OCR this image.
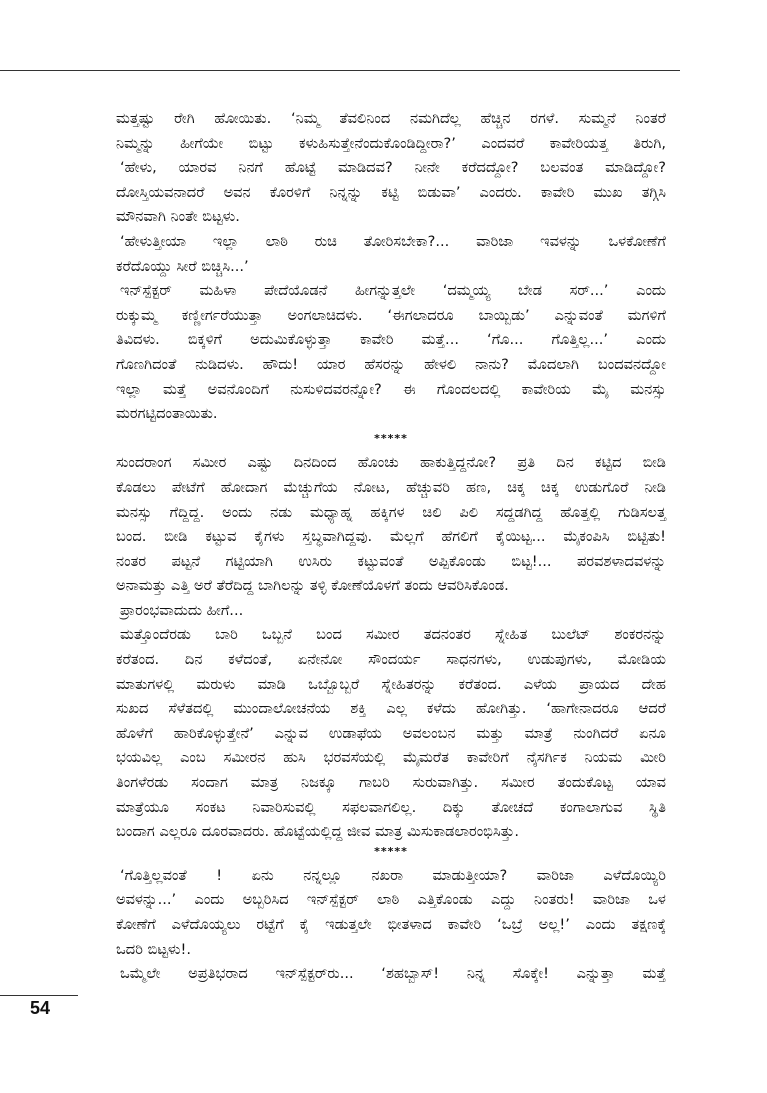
ಮತ್ತಷ್ಟು ರೇಗಿ ಹೋಯಿತು. ‘ನಿಮ್ಮ ತೆವಲಿನಿಂದ ನಮಗಿದೆಲ್ಲ ಹೆಚ್ಚಿನ ರಗಳೆ. ಸುಮ್ಮನೆ ನಿಂತರೆ
ನಿಮ್ಮನ್ನು ಹೀಗೆಯೇ ಬಿಟ್ಟು ಕಳುಹಿಸುತ್ತೇನೆಂದುಕೊಂಡಿದ್ದೀರಾ?’ ಎಂದವರೆ ಕಾವೇರಿಯತ್ತ ತಿರುಗಿ,
‘ಹೇಳು, ಯಾರವ ನಿನಗೆ ಹೊಟ್ಟೆ ಮಾಡಿದವ? ನೀನೇ ಕರೆದದ್ದೋ? ಬಲವಂತ ಮಾಡಿದ್ದೋ?
ದೋಸ್ತಿಯವನಾದರೆ ಅವನ ಕೊರಳಿಗೆ ನಿನ್ನನ್ನು ಕಟ್ಟಿ ಬಿಡುವಾ’ ಎಂದರು. ಕಾವೇರಿ ಮುಖ ತಗ್ಗಿಸಿ
ಮೌನವಾಗಿ ನಿಂತೇ ಬಿಟ್ಟಳು.
‘ಹೇಳುತ್ತೀಯಾ ಇಲ್ಲಾ ಲಾಠಿ ರುಚಿ ತೋರಿಸಬೇಕಾ?... ವಾರಿಜಾ ಇವಳನ್ನು ಒಳಕೋಣೆಗೆ
ಕರೆದೊಯ್ದು ಸೀರೆ ಬಿಚ್ಚಿಸಿ...’
ಇನ್‌ಸ್ಪೆಕ್ಟರ್ ಮಹಿಳಾ ಪೇದೆಯೊಡನೆ ಹೀಗನ್ನುತ್ತಲೇ ‘ದಮ್ಮಯ್ಯ ಬೇಡ ಸರ್...’ ಎಂದು
ರುಕ್ಕುಮ್ಮ ಕಣ್ಣೀರ್ಗರೆಯುತ್ತಾ ಅಂಗಲಾಚಿದಳು. ‘ಈಗಲಾದರೂ ಬಾಯ್ಬಿಡು’ ಎನ್ನುವಂತೆ ಮಗಳಿಗೆ
ತಿವಿದಳು. ಬಿಕ್ಕಳಿಗೆ ಅದುಮಿಕೊಳ್ಳುತ್ತಾ ಕಾವೇರಿ ಮತ್ತೆ... ‘ಗೊ... ಗೊತ್ತಿಲ್ಲ...’ ಎಂದು
ಗೊಣಗಿದಂತೆ ನುಡಿದಳು. ಹೌದು! ಯಾರ ಹೆಸರನ್ನು ಹೇಳಲಿ ನಾನು? ಮೊದಲಾಗಿ ಬಂದವನದ್ದೋ
ಇಲ್ಲಾ ಮತ್ತೆ ಅವನೊಂದಿಗೆ ನುಸುಳಿದವರನ್ನೋ? ಈ ಗೊಂದಲದಲ್ಲಿ ಕಾವೇರಿಯ ಮೈ ಮನಸ್ಸು
ಮರಗಟ್ಟಿದಂತಾಯಿತು.
*****
ಸುಂದರಾಂಗ ಸಮೀರ ಎಷ್ಟು ದಿನದಿಂದ ಹೊಂಚು ಹಾಕುತ್ತಿದ್ದನೋ? ಪ್ರತಿ ದಿನ ಕಟ್ಟಿದ ಬೀಡಿ
ಕೊಡಲು ಪೇಟೆಗೆ ಹೋದಾಗ ಮೆಚ್ಚುಗೆಯ ನೋಟ, ಹೆಚ್ಚುವರಿ ಹಣ, ಚಿಕ್ಕ ಚಿಕ್ಕ ಉಡುಗೊರೆ ನೀಡಿ
ಮನಸ್ಸು ಗೆದ್ದಿದ್ದ. ಅಂದು ನಡು ಮಧ್ಯಾಹ್ನ ಹಕ್ಕಿಗಳ ಚಿಲಿ ಪಿಲಿ ಸದ್ದಡಗಿದ್ದ ಹೊತ್ತಲ್ಲಿ ಗುಡಿಸಲತ್ತ
ಬಂದ. ಬೀಡಿ ಕಟ್ಟುವ ಕೈಗಳು ಸ್ತಬ್ಧವಾಗಿದ್ದವು. ಮೆಲ್ಲಗೆ ಹೆಗಲಿಗೆ ಕೈಯಿಟ್ಟ... ಮೈಕಂಪಿಸಿ ಬಿಟ್ಟಿತು!
ನಂತರ ಪಟ್ಟನೆ ಗಟ್ಟಿಯಾಗಿ ಉಸಿರು ಕಟ್ಟುವಂತೆ ಅಪ್ಪಿಕೊಂಡು ಬಿಟ್ಟ!... ಪರವಶಳಾದವಳನ್ನು
ಅನಾಮತ್ತು ಎತ್ತಿ ಅರೆ ತೆರೆದಿದ್ದ ಬಾಗಿಲನ್ನು ತಳ್ಳಿ ಕೋಣೆಯೊಳಗೆ ತಂದು ಆವರಿಸಿಕೊಂಡ.
ಪ್ರಾರಂಭವಾದುದು ಹೀಗೆ...
ಮತ್ತೊಂದೆರಡು ಬಾರಿ ಒಬ್ಬನೆ ಬಂದ ಸಮೀರ ತದನಂತರ ಸ್ನೇಹಿತ ಬುಲೆಟ್ ಶಂಕರನನ್ನು
ಕರೆತಂದ. ದಿನ ಕಳೆದಂತೆ, ಏನೇನೋ ಸೌಂದರ್ಯ ಸಾಧನಗಳು, ಉಡುಪುಗಳು, ಮೋಡಿಯ
ಮಾತುಗಳಲ್ಲಿ ಮರುಳು ಮಾಡಿ ಒಬ್ಬೊಬ್ಬರೆ ಸ್ನೇಹಿತರನ್ನು ಕರೆತಂದ. ಎಳೆಯ ಪ್ರಾಯದ ದೇಹ
ಸುಖದ ಸೆಳೆತದಲ್ಲಿ ಮುಂದಾಲೋಚನೆಯ ಶಕ್ತಿ ಎಲ್ಲ ಕಳೆದು ಹೋಗಿತ್ತು. ‘ಹಾಗೇನಾದರೂ ಆದರೆ
ಹೊಳೆಗೆ ಹಾರಿಕೊಳ್ಳುತ್ತೇನೆ’ ಎನ್ನುವ ಉಡಾಫೆಯ ಅವಲಂಬನ ಮತ್ತು ಮಾತ್ರೆ ನುಂಗಿದರೆ ಏನೂ
ಭಯವಿಲ್ಲ ಎಂಬ ಸಮೀರನ ಹುಸಿ ಭರವಸೆಯಲ್ಲಿ ಮೈಮರೆತ ಕಾವೇರಿಗೆ ನೈಸರ್ಗಿಕ ನಿಯಮ ಮೀರಿ
ತಿಂಗಳೆರಡು ಸಂದಾಗ ಮಾತ್ರ ನಿಜಕ್ಕೂ ಗಾಬರಿ ಸುರುವಾಗಿತ್ತು. ಸಮೀರ ತಂದುಕೊಟ್ಟ ಯಾವ
ಮಾತ್ರೆಯೂ ಸಂಕಟ ನಿವಾರಿಸುವಲ್ಲಿ ಸಫಲವಾಗಲಿಲ್ಲ. ದಿಕ್ಕು ತೋಚದೆ ಕಂಗಾಲಾಗುವ ಸ್ಥಿತಿ
ಬಂದಾಗ ಎಲ್ಲರೂ ದೂರವಾದರು. ಹೊಟ್ಟೆಯಲ್ಲಿದ್ದ ಜೀವ ಮಾತ್ರ ಮಿಸುಕಾಡಲಾರಂಭಿಸಿತ್ತು.
*****
‘ಗೊತ್ತಿಲ್ಲವಂತೆ ! ಏನು ನನ್ನಲ್ಲೂ ನಖರಾ ಮಾಡುತ್ತೀಯಾ? ವಾರಿಜಾ ಎಳೆದೊಯ್ಯಿರಿ
ಅವಳನ್ನು...’ ಎಂದು ಅಬ್ಬರಿಸಿದ ಇನ್‌ಸ್ಪೆಕ್ಟರ್ ಲಾಠಿ ಎತ್ತಿಕೊಂಡು ಎದ್ದು ನಿಂತರು! ವಾರಿಜಾ ಒಳ
ಕೋಣೆಗೆ ಎಳೆದೊಯ್ಯಲು ರಟ್ಟೆಗೆ ಕೈ ಇಡುತ್ತಲೇ ಭೀತಳಾದ ಕಾವೇರಿ ‘ಒಬ್ರೆ ಅಲ್ಲ!’ ಎಂದು ತಕ್ಷಣಕ್ಕೆ
ಒದರಿ ಬಿಟ್ಟಳು!.
ಒಮ್ಮೆಲೇ ಅಪ್ರತಿಭರಾದ ಇನ್‌ಸ್ಪೆಕ್ಟರ್‌ರು... ‘ಶಹಬ್ಬಾಸ್! ನಿನ್ನ ಸೊಕ್ಕೇ! ಎನ್ನುತ್ತಾ ಮತ್ತೆ
54
